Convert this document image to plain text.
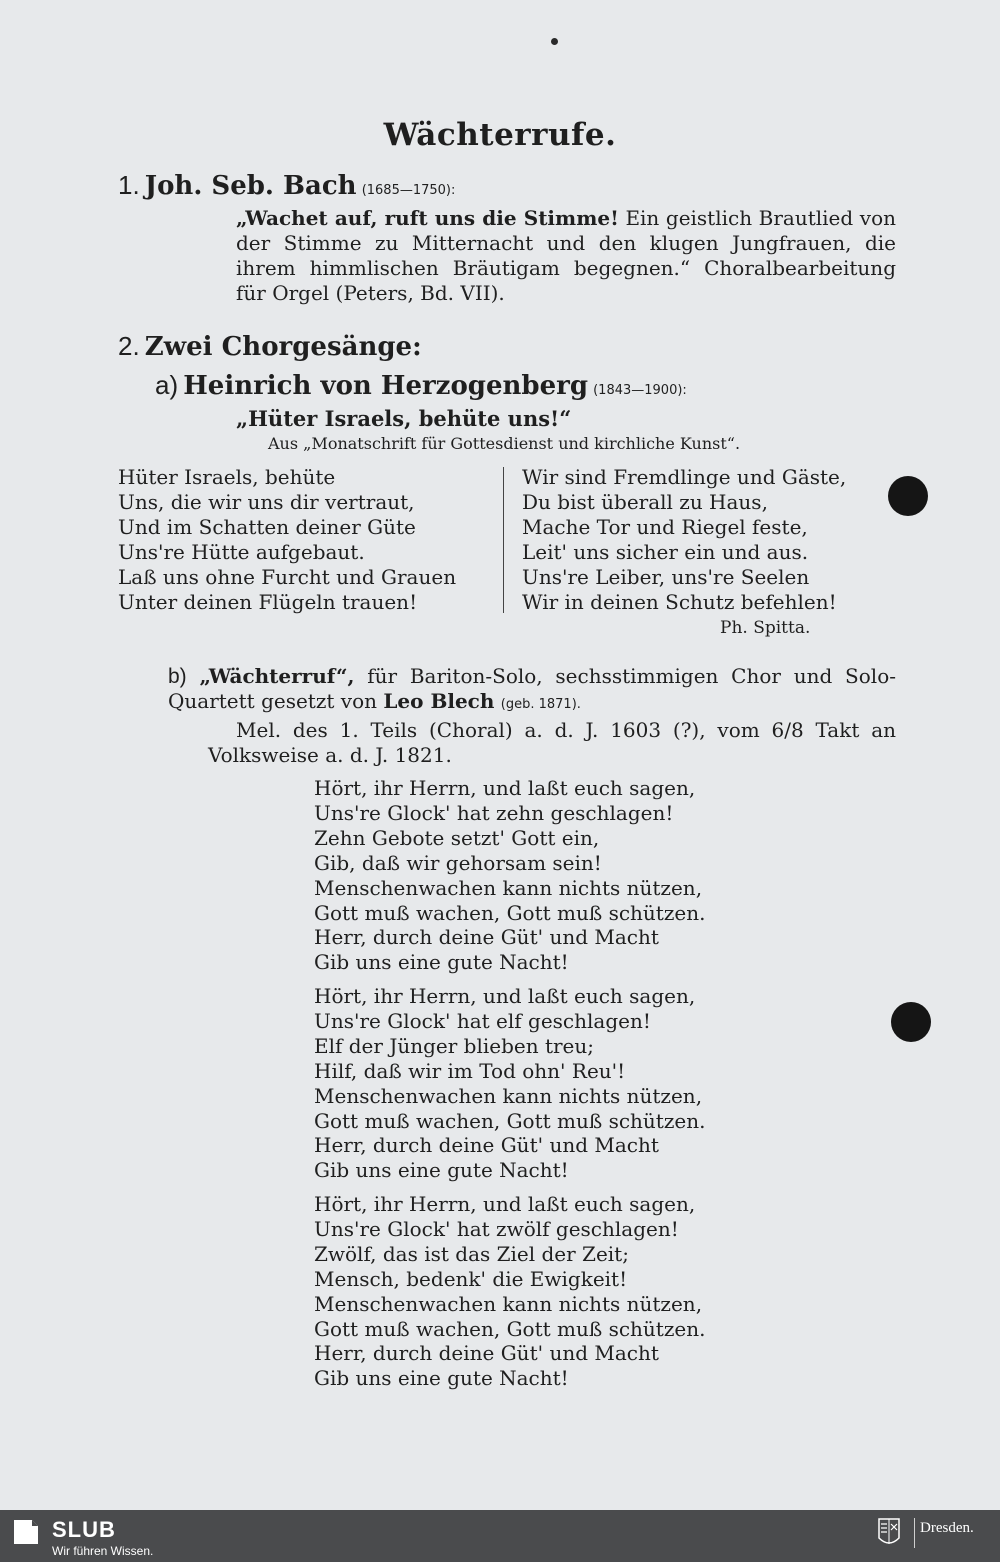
Wächterrufe.
1. Joh. Seb. Bach (1685—1750):
„Wachet auf, ruft uns die Stimme! Ein geistlich Brautlied von der Stimme zu Mitternacht und den klugen Jungfrauen, die ihrem himmlischen Bräutigam begegnen.“ Choralbearbeitung für Orgel (Peters, Bd. VII).
2. Zwei Chorgesänge:
a) Heinrich von Herzogenberg (1843—1900):
„Hüter Israels, behüte uns!“
Aus „Monatschrift für Gottesdienst und kirchliche Kunst“.
Hüter Israels, behüte
Uns, die wir uns dir vertraut,
Und im Schatten deiner Güte
Uns're Hütte aufgebaut.
Laß uns ohne Furcht und Grauen
Unter deinen Flügeln trauen!
Wir sind Fremdlinge und Gäste,
Du bist überall zu Haus,
Mache Tor und Riegel feste,
Leit' uns sicher ein und aus.
Uns're Leiber, uns're Seelen
Wir in deinen Schutz befehlen!
Ph. Spitta.
b) „Wächterruf“, für Bariton-Solo, sechsstimmigen Chor und Solo-Quartett gesetzt von Leo Blech (geb. 1871).
Mel. des 1. Teils (Choral) a. d. J. 1603 (?), vom 6/8 Takt an Volksweise a. d. J. 1821.
Hört, ihr Herrn, und laßt euch sagen,
Uns're Glock' hat zehn geschlagen!
Zehn Gebote setzt' Gott ein,
Gib, daß wir gehorsam sein!
Menschenwachen kann nichts nützen,
Gott muß wachen, Gott muß schützen.
Herr, durch deine Güt' und Macht
Gib uns eine gute Nacht!
Hört, ihr Herrn, und laßt euch sagen,
Uns're Glock' hat elf geschlagen!
Elf der Jünger blieben treu;
Hilf, daß wir im Tod ohn' Reu'!
Menschenwachen kann nichts nützen,
Gott muß wachen, Gott muß schützen.
Herr, durch deine Güt' und Macht
Gib uns eine gute Nacht!
Hört, ihr Herrn, und laßt euch sagen,
Uns're Glock' hat zwölf geschlagen!
Zwölf, das ist das Ziel der Zeit;
Mensch, bedenk' die Ewigkeit!
Menschenwachen kann nichts nützen,
Gott muß wachen, Gott muß schützen.
Herr, durch deine Güt' und Macht
Gib uns eine gute Nacht!
SLUB
Wir führen Wissen.
Dresden.
